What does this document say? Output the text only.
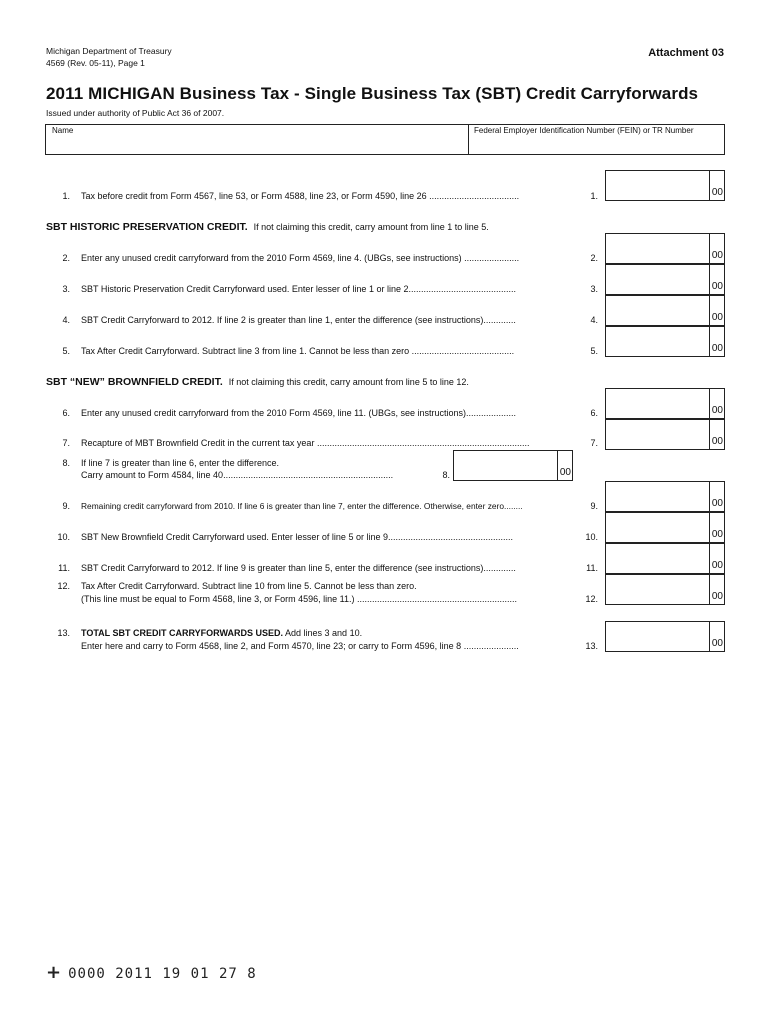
Michigan Department of Treasury
4569 (Rev. 05-11), Page 1
Attachment 03
2011 MICHIGAN Business Tax - Single Business Tax (SBT) Credit Carryforwards
Issued under authority of Public Act 36 of 2007.
Name	Federal Employer Identification Number (FEIN) or TR Number
1. Tax before credit from Form 4567, line 53, or Form 4588, line 23, or Form 4590, line 26 ....................................	1.	00
SBT HISTORIC PRESERVATION CREDIT. If not claiming this credit, carry amount from line 1 to line 5.
2. Enter any unused credit carryforward from the 2010 Form 4569, line 4. (UBGs, see instructions) ......................	2.	00
3. SBT Historic Preservation Credit Carryforward used. Enter lesser of line 1 or line 2...........................................	3.	00
4. SBT Credit Carryforward to 2012. If line 2 is greater than line 1, enter the difference (see instructions).............	4.	00
5. Tax After Credit Carryforward. Subtract line 3 from line 1. Cannot be less than zero .........................................	5.	00
SBT “NEW” BROWNFIELD CREDIT. If not claiming this credit, carry amount from line 5 to line 12.
6. Enter any unused credit carryforward from the 2010 Form 4569, line 11. (UBGs, see instructions)....................	6.	00
7. Recapture of MBT Brownfield Credit in the current tax year .....................................................................................	7.	00
8. If line 7 is greater than line 6, enter the difference.
Carry amount to Form 4584, line 40....................................................................	8.	00
9. Remaining credit carryforward from 2010. If line 6 is greater than line 7, enter the difference. Otherwise, enter zero........	9.	00
10. SBT New Brownfield Credit Carryforward used. Enter lesser of line 5 or line 9..................................................	10.	00
11. SBT Credit Carryforward to 2012. If line 9 is greater than line 5, enter the difference (see instructions).............	11.	00
12. Tax After Credit Carryforward. Subtract line 10 from line 5. Cannot be less than zero.
(This line must be equal to Form 4568, line 3, or Form 4596, line 11.) ................................................................	12.	00
13. TOTAL SBT CREDIT CARRYFORWARDS USED. Add lines 3 and 10.
Enter here and carry to Form 4568, line 2, and Form 4570, line 23; or carry to Form 4596, line 8 ......................	13.	00
+ 0000 2011 19 01 27 8
